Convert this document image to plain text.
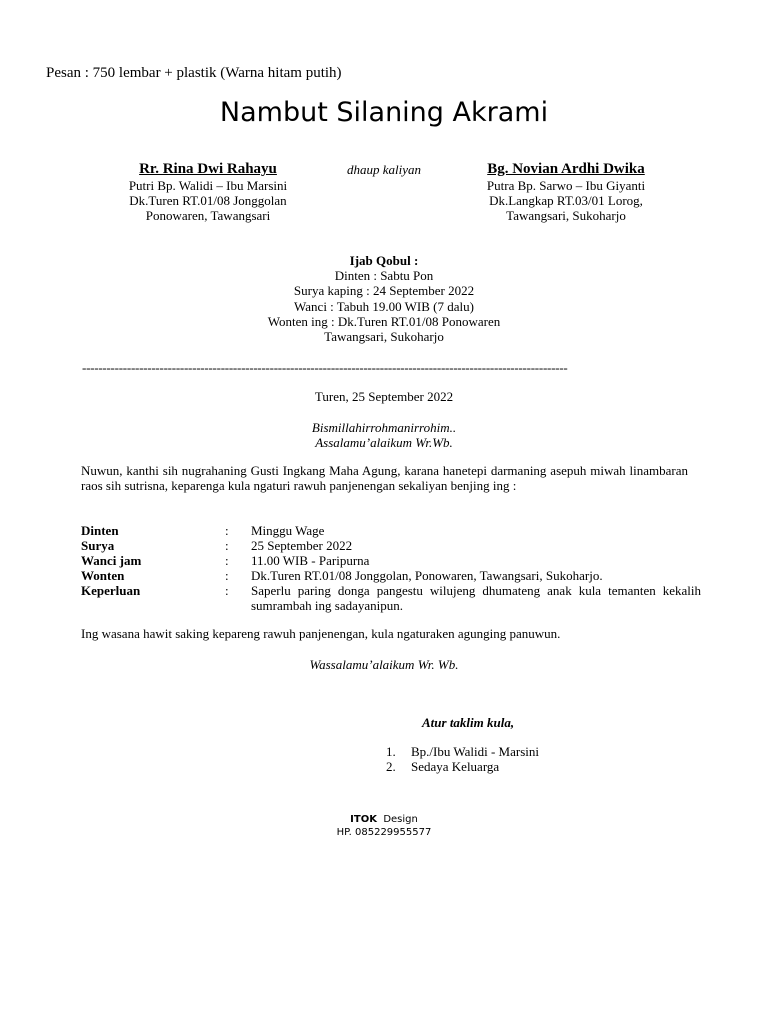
Pesan : 750 lembar + plastik (Warna hitam putih)
Nambut Silaning Akrami
Rr. Rina Dwi Rahayu
Putri Bp. Walidi – Ibu Marsini
Dk.Turen RT.01/08 Jonggolan
Ponowaren, Tawangsari
dhaup kaliyan	Bg. Novian Ardhi Dwika
Putra Bp. Sarwo – Ibu Giyanti
Dk.Langkap RT.03/01 Lorog,
Tawangsari, Sukoharjo
Ijab Qobul :
Dinten : Sabtu Pon
Surya kaping : 24 September 2022
Wanci : Tabuh 19.00 WIB (7 dalu)
Wonten ing : Dk.Turen RT.01/08 Ponowaren
Tawangsari, Sukoharjo
-----------------------------------------------------------------------------------------------------------------------
Turen, 25 September 2022
Bismillahirrohmanirrohim..
Assalamu’alaikum Wr.Wb.
Nuwun, kanthi sih nugrahaning Gusti Ingkang Maha Agung, karana hanetepi darmaning asepuh miwah linambaran raos sih sutrisna, keparenga kula ngaturi rawuh panjenengan sekaliyan benjing ing :
Dinten	:	Minggu Wage
Surya	:	25 September 2022
Wanci jam	:	11.00 WIB - Paripurna
Wonten	:	Dk.Turen RT.01/08 Jonggolan, Ponowaren, Tawangsari, Sukoharjo.
Keperluan	:	Saperlu paring donga pangestu wilujeng dhumateng anak kula temanten kekalih sumrambah ing sadayanipun.
Ing wasana hawit saking kepareng rawuh panjenengan, kula ngaturaken agunging panuwun.
Wassalamu’alaikum Wr. Wb.
Atur taklim kula,
1.	Bp./Ibu Walidi - Marsini
2.	Sedaya Keluarga
ITOK Design
HP. 085229955577
